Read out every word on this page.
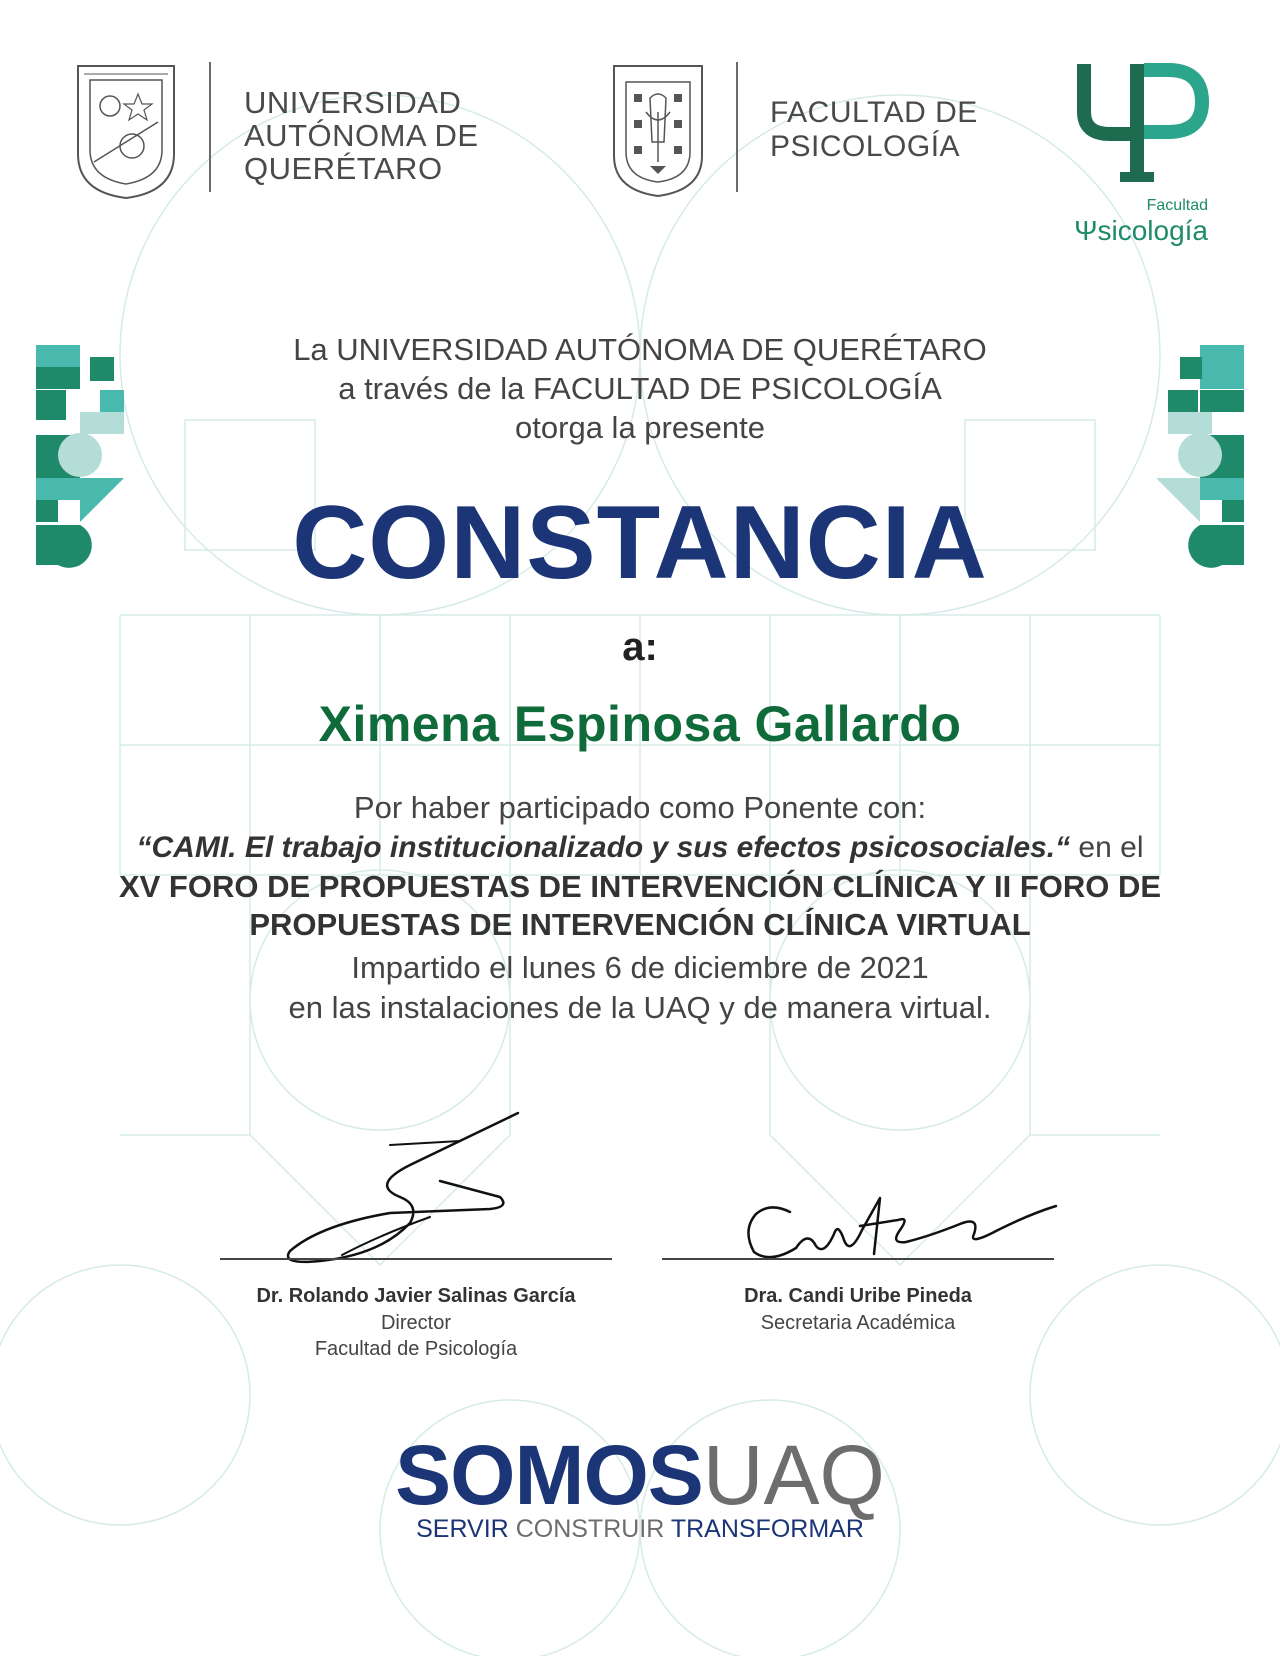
UNIVERSIDAD
AUTÓNOMA DE
QUERÉTARO
FACULTAD DE
PSICOLOGÍA
Facultad
Ψsicología
La UNIVERSIDAD AUTÓNOMA DE QUERÉTARO
a través de la FACULTAD DE PSICOLOGÍA
otorga la presente
CONSTANCIA
a:
Ximena Espinosa Gallardo
Por haber participado como Ponente con:
“CAMI. El trabajo institucionalizado y sus efectos psicosociales.“ en el
XV FORO DE PROPUESTAS DE INTERVENCIÓN CLÍNICA Y II FORO DE
PROPUESTAS DE INTERVENCIÓN CLÍNICA VIRTUAL
Impartido el lunes 6 de diciembre de 2021
en las instalaciones de la UAQ y de manera virtual.
Dr. Rolando Javier Salinas García
Director
Facultad de Psicología
Dra. Candi Uribe Pineda
Secretaria Académica
SOMOSUAQ
SERVIR CONSTRUIR TRANSFORMAR
